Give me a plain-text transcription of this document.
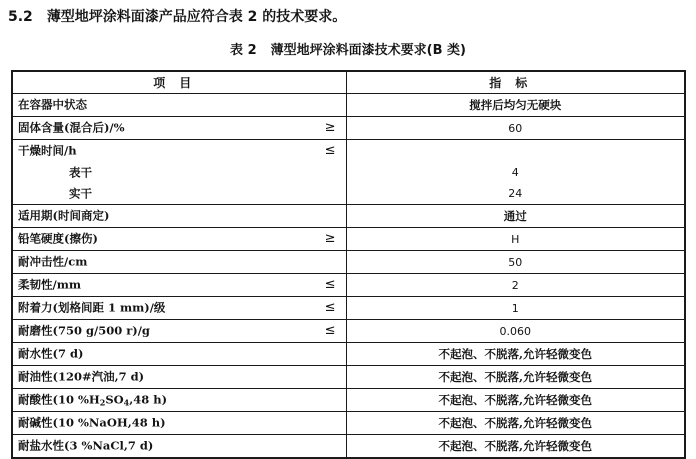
5.2 薄型地坪涂料面漆产品应符合表 2 的技术要求。
表 2 薄型地坪涂料面漆技术要求(B 类)
项目	指标

在容器中状态	搅拌后均匀无硬块

固体含量(混合后)/% ≥	60

干燥时间/h ≤	

表干	4

实干	24

适用期(时间商定)	通过

铅笔硬度(擦伤) ≥	H

耐冲击性/cm	50

柔韧性/mm ≤	2

附着力(划格间距 1 mm)/级 ≤	1

耐磨性(750 g/500 r)/g ≤	0.060

耐水性(7 d)	不起泡、不脱落,允许轻微变色

耐油性(120#汽油,7 d)	不起泡、不脱落,允许轻微变色

耐酸性(10 $\%H_2SO_4,48$ h)	不起泡、不脱落,允许轻微变色

耐碱性(10 %NaOH,48 h)	不起泡、不脱落,允许轻微变色

耐盐水性(3 %NaCl,7 d)	不起泡、不脱落,允许轻微变色
